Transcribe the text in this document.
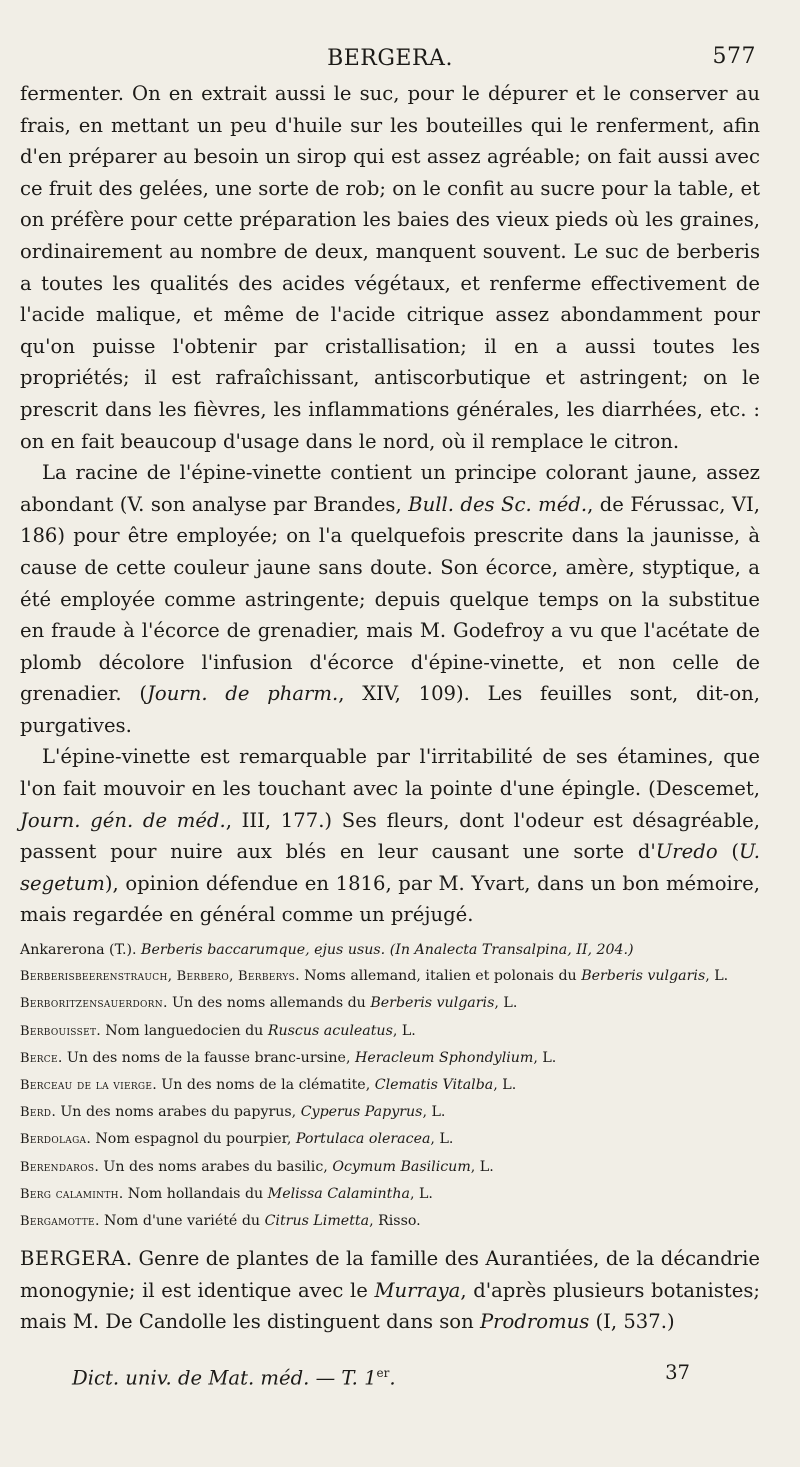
BERGERA.	577

fermenter. On en extrait aussi le suc, pour le dépurer et le conserver au frais, en mettant un peu d'huile sur les bouteilles qui le renferment, afin d'en préparer au besoin un sirop qui est assez agréable; on fait aussi avec ce fruit des gelées, une sorte de rob; on le confit au sucre pour la table, et on préfère pour cette préparation les baies des vieux pieds où les graines, ordinairement au nombre de deux, manquent souvent. Le suc de berberis a toutes les qualités des acides végétaux, et renferme effectivement de l'acide malique, et même de l'acide citrique assez abondamment pour qu'on puisse l'obtenir par cristallisation; il en a aussi toutes les propriétés; il est rafraîchissant, antiscorbutique et astringent; on le prescrit dans les fièvres, les inflammations générales, les diarrhées, etc. : on en fait beaucoup d'usage dans le nord, où il remplace le citron.

La racine de l'épine-vinette contient un principe colorant jaune, assez abondant (V. son analyse par Brandes, Bull. des Sc. méd., de Férussac, VI, 186) pour être employée; on l'a quelquefois prescrite dans la jaunisse, à cause de cette couleur jaune sans doute. Son écorce, amère, styptique, a été employée comme astringente; depuis quelque temps on la substitue en fraude à l'écorce de grenadier, mais M. Godefroy a vu que l'acétate de plomb décolore l'infusion d'écorce d'épine-vinette, et non celle de grenadier. (Journ. de pharm., XIV, 109). Les feuilles sont, dit-on, purgatives.

L'épine-vinette est remarquable par l'irritabilité de ses étamines, que l'on fait mouvoir en les touchant avec la pointe d'une épingle. (Descemet, Journ. gén. de méd., III, 177.) Ses fleurs, dont l'odeur est désagréable, passent pour nuire aux blés en leur causant une sorte d'Uredo (U. segetum), opinion défendue en 1816, par M. Yvart, dans un bon mémoire, mais regardée en général comme un préjugé.

Ankarerona (T.). Berberis baccarumque, ejus usus. (In Analecta Transalpina, II, 204.)

Berberisbeerenstrauch, Berbero, Berberys. Noms allemand, italien et polonais du Berberis vulgaris, L.

Berboritzensauerdorn. Un des noms allemands du Berberis vulgaris, L.

Berbouisset. Nom languedocien du Ruscus aculeatus, L.

Berce. Un des noms de la fausse branc-ursine, Heracleum Sphondylium, L.

Berceau de la vierge. Un des noms de la clématite, Clematis Vitalba, L.

Berd. Un des noms arabes du papyrus, Cyperus Papyrus, L.

Berdolaga. Nom espagnol du pourpier, Portulaca oleracea, L.

Berendaros. Un des noms arabes du basilic, Ocymum Basilicum, L.

Berg calaminth. Nom hollandais du Melissa Calamintha, L.

Bergamotte. Nom d'une variété du Citrus Limetta, Risso.

BERGERA. Genre de plantes de la famille des Aurantiées, de la décandrie monogynie; il est identique avec le Murraya, d'après plusieurs botanistes; mais M. De Candolle les distinguent dans son Prodromus (I, 537.)

Dict. univ. de Mat. méd. — T. 1er.	37
